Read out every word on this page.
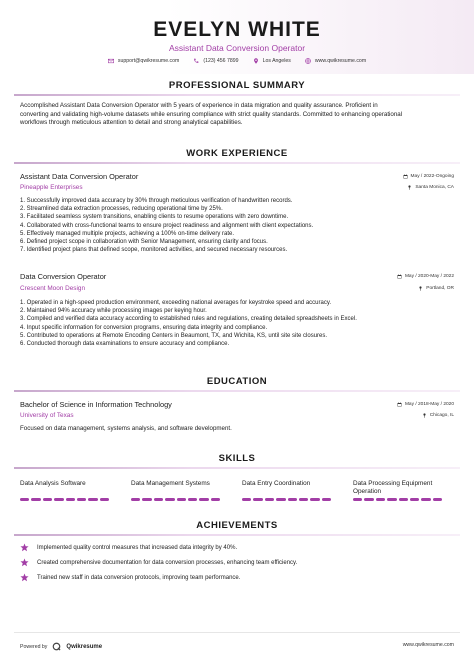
EVELYN WHITE
Assistant Data Conversion Operator
support@qwikresume.com	(123) 456 7899	Los Angeles	www.qwikresume.com
PROFESSIONAL SUMMARY
Accomplished Assistant Data Conversion Operator with 5 years of experience in data migration and quality assurance. Proficient in
converting and validating high-volume datasets while ensuring compliance with strict quality standards. Committed to enhancing operational
workflows through meticulous attention to detail and strong analytical capabilities.
WORK EXPERIENCE
Assistant Data Conversion Operator	May / 2022-Ongoing
Pineapple Enterprises	Santa Monica, CA
1. Successfully improved data accuracy by 30% through meticulous verification of handwritten records.
2. Streamlined data extraction processes, reducing operational time by 25%.
3. Facilitated seamless system transitions, enabling clients to resume operations with zero downtime.
4. Collaborated with cross-functional teams to ensure project readiness and alignment with client expectations.
5. Effectively managed multiple projects, achieving a 100% on-time delivery rate.
6. Defined project scope in collaboration with Senior Management, ensuring clarity and focus.
7. Identified project plans that defined scope, monitored activities, and secured necessary resources.
Data Conversion Operator	May / 2020-May / 2022
Crescent Moon Design	Portland, OR
1. Operated in a high-speed production environment, exceeding national averages for keystroke speed and accuracy.
2. Maintained 94% accuracy while processing images per keying hour.
3. Compiled and verified data accuracy according to established rules and regulations, creating detailed spreadsheets in Excel.
4. Input specific information for conversion programs, ensuring data integrity and compliance.
5. Contributed to operations at Remote Encoding Centers in Beaumont, TX, and Wichita, KS, until site site closures.
6. Conducted thorough data examinations to ensure accuracy and compliance.
EDUCATION
Bachelor of Science in Information Technology	May / 2018-May / 2020
University of Texas	Chicago, IL
Focused on data management, systems analysis, and software development.
SKILLS
Data Analysis Software	Data Management Systems	Data Entry Coordination	Data Processing Equipment Operation
ACHIEVEMENTS
Implemented quality control measures that increased data integrity by 40%.
Created comprehensive documentation for data conversion processes, enhancing team efficiency.
Trained new staff in data conversion protocols, improving team performance.
Powered by	Qwikresume	www.qwikresume.com
